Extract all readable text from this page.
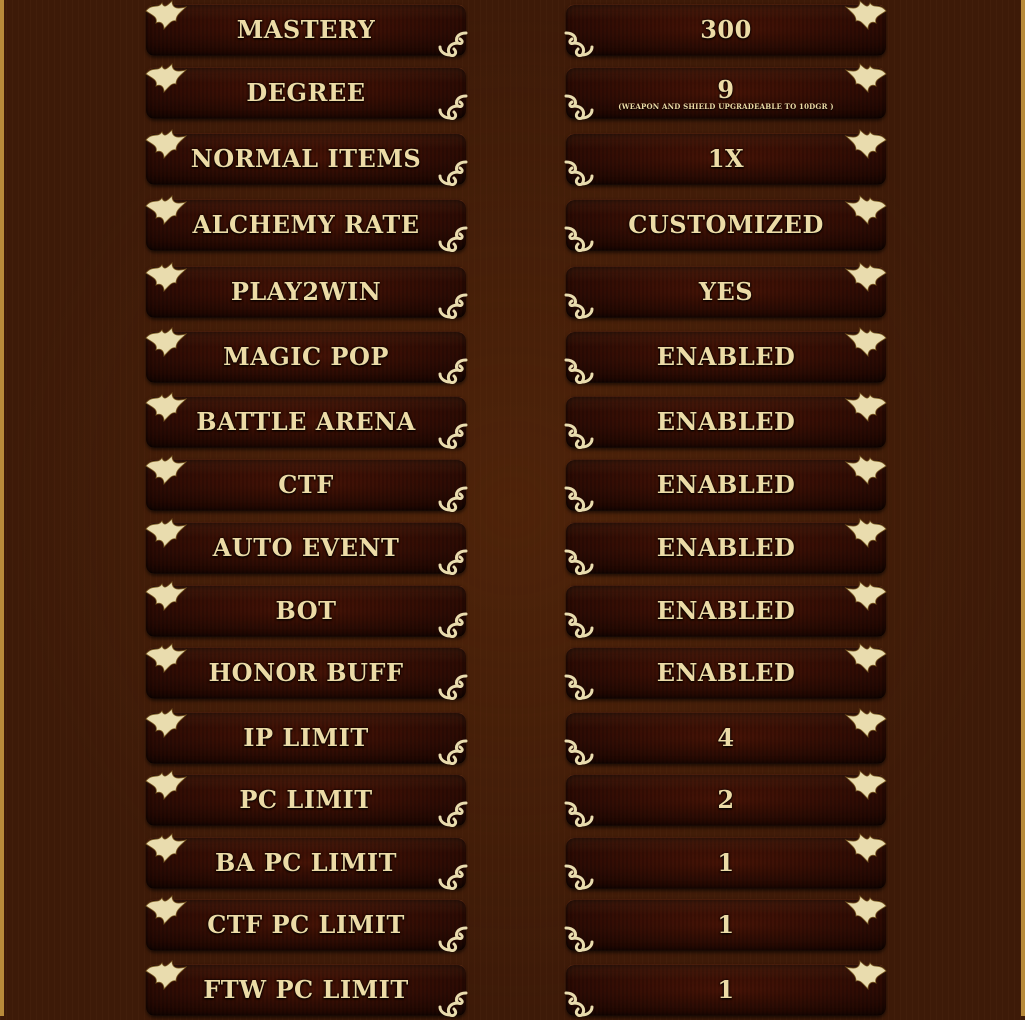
MASTERY	300
DEGREE	9
(WEAPON AND SHIELD UPGRADEABLE TO 10DGR )
NORMAL ITEMS	1X
ALCHEMY RATE	CUSTOMIZED
PLAY2WIN	YES
MAGIC POP	ENABLED
BATTLE ARENA	ENABLED
CTF	ENABLED
AUTO EVENT	ENABLED
BOT	ENABLED
HONOR BUFF	ENABLED
IP LIMIT	4
PC LIMIT	2
BA PC LIMIT	1
CTF PC LIMIT	1
FTW PC LIMIT	1
